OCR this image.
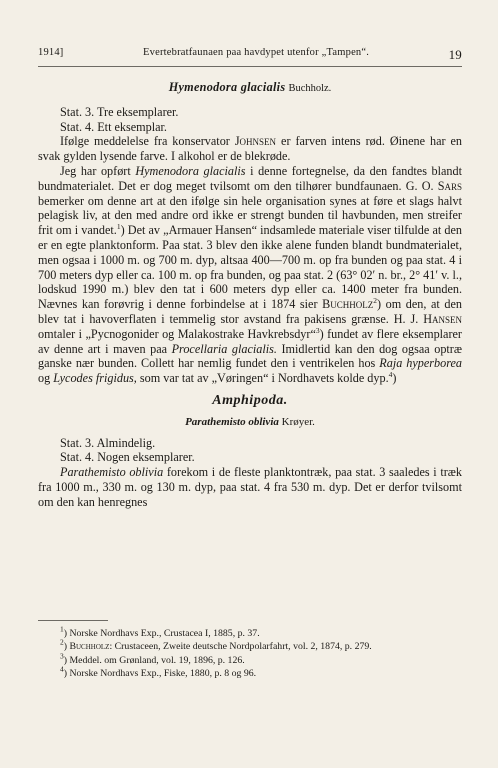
1914]	Evertebratfaunaen paa havdypet utenfor „Tampen“.	19
Hymenodora glacialis Buchholz.

Stat. 3. Tre eksemplarer.

Stat. 4. Ett eksemplar.

Ifølge meddelelse fra konservator Johnsen er farven intens rød. Øinene har en svak gylden lysende farve. I alkohol er de blekrøde.

Jeg har opført Hymenodora glacialis i denne fortegnelse, da den fandtes blandt bundmaterialet. Det er dog meget tvilsomt om den tilhører bundfaunaen. G. O. Sars bemerker om denne art at den ifølge sin hele organisation synes at føre et slags halvt pelagisk liv, at den med andre ord ikke er strengt bunden til havbunden, men streifer frit om i vandet.$^1$) Det av „Armauer Hansen“ indsamlede materiale viser tilfulde at den er en egte planktonform. Paa stat. 3 blev den ikke alene funden blandt bundmaterialet, men ogsaa i 1000 m. og 700 m. dyp, altsaa 400—700 m. op fra bunden og paa stat. 4 i 700 meters dyp eller ca. 100 m. op fra bunden, og paa stat. 2 (63° 02′ n. br., 2° 41′ v. l., lodskud 1990 m.) blev den tat i 600 meters dyp eller ca. 1400 meter fra bunden. Nævnes kan forøvrig i denne forbindelse at i 1874 sier Buchholz$^2$) om den, at den blev tat i havoverflaten i temmelig stor avstand fra pakisens grænse. H. J. Hansen omtaler i „Pycnogonider og Malakostrake Havkrebsdyr“$^3$) fundet av flere eksemplarer av denne art i maven paa Procellaria glacialis. Imidlertid kan den dog ogsaa optræ ganske nær bunden. Collett har nemlig fundet den i ventrikelen hos Raja hyperborea og Lycodes frigidus, som var tat av „Vøringen“ i Nordhavets kolde dyp.$^4$)

Amphipoda.
Parathemisto oblivia Krøyer.

Stat. 3. Almindelig.

Stat. 4. Nogen eksemplarer.

Parathemisto oblivia forekom i de fleste planktontræk, paa stat. 3 saaledes i træk fra 1000 m., 330 m. og 130 m. dyp, paa stat. 4 fra 530 m. dyp. Det er derfor tvilsomt om den kan henregnes

$^1$) Norske Nordhavs Exp., Crustacea I, 1885, p. 37.

$^2$) Buchholz: Crustaceen, Zweite deutsche Nordpolarfahrt, vol. 2, 1874, p. 279.

$^3$) Meddel. om Grønland, vol. 19, 1896, p. 126.

$^4$) Norske Nordhavs Exp., Fiske, 1880, p. 8 og 96.
